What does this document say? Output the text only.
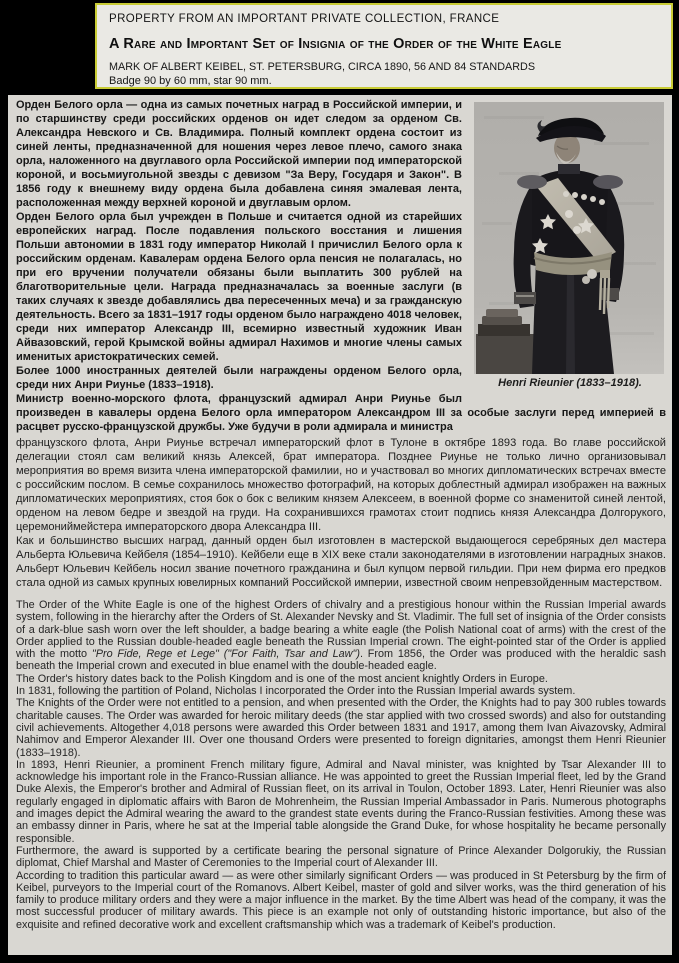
PROPERTY FROM AN IMPORTANT PRIVATE COLLECTION, FRANCE
A Rare and Important Set of Insignia of the Order of the White Eagle
MARK OF ALBERT KEIBEL, ST. PETERSBURG, CIRCA 1890, 56 AND 84 STANDARDS
Badge 90 by 60 mm, star 90 mm.
Henri Rieunier (1833–1918).

Орден Белого орла — одна из самых почетных наград в Российской империи, и по старшинству среди российских орденов он идет следом за орденом Св. Александра Невского и Св. Владимира. Полный комплект ордена состоит из синей ленты, предназначенной для ношения через левое плечо, самого знака орла, наложенного на двуглавого орла Российской империи под императорской короной, и восьмиугольной звезды с девизом "За Веру, Государя и Закон". В 1856 году к внешнему виду ордена была добавлена синяя эмалевая лента, расположенная между верхней короной и двуглавым орлом.

Орден Белого орла был учрежден в Польше и считается одной из старейших европейских наград. После подавления польского восстания и лишения Польши автономии в 1831 году император Николай I причислил Белого орла к российским орденам. Кавалерам ордена Белого орла пенсия не полагалась, но при его вручении получатели обязаны были выплатить 300 рублей на благотворительные цели. Награда предназначалась за военные заслуги (в таких случаях к звезде добавлялись два пересеченных меча) и за гражданскую деятельность. Всего за 1831–1917 годы орденом было награждено 4018 человек, среди них император Александр III, всемирно известный художник Иван Айвазовский, герой Крымской войны адмирал Нахимов и многие члены самых именитых аристократических семей.

Более 1000 иностранных деятелей были награждены орденом Белого орла, среди них Анри Риунье (1833–1918).

Министр военно-морского флота, французский адмирал Анри Риунье был произведен в кавалеры ордена Белого орла императором Александром III за особые заслуги перед империей в расцвет русско-французской дружбы. Уже будучи в роли адмирала и министра

французского флота, Анри Риунье встречал императорский флот в Тулоне в октябре 1893 года. Во главе российской делегации стоял сам великий князь Алексей, брат императора. Позднее Риунье не только лично организовывал мероприятия во время визита члена императорской фамилии, но и участвовал во многих дипломатических встречах вместе с российским послом. В семье сохранилось множество фотографий, на которых доблестный адмирал изображен на важных дипломатических мероприятиях, стоя бок о бок с великим князем Алексеем, в военной форме со знаменитой синей лентой, орденом на левом бедре и звездой на груди. На сохранившихся грамотах стоит подпись князя Александра Долгорукого, церемониймейстера императорского двора Александра III.

Как и большинство высших наград, данный орден был изготовлен в мастерской выдающегося серебряных дел мастера Альберта Юльевича Кейбеля (1854–1910). Кейбели еще в XIX веке стали законодателями в изготовлении наградных знаков. Альберт Юльевич Кейбель носил звание почетного гражданина и был купцом первой гильдии. При нем фирма его предков стала одной из самых крупных ювелирных компаний Российской империи, известной своим непревзойденным мастерством.

The Order of the White Eagle is one of the highest Orders of chivalry and a prestigious honour within the Russian Imperial awards system, following in the hierarchy after the Orders of St. Alexander Nevsky and St. Vladimir. The full set of insignia of the Order consists of a dark-blue sash worn over the left shoulder, a badge bearing a white eagle (the Polish National coat of arms) with the crest of the Order applied to the Russian double-headed eagle beneath the Russian Imperial crown. The eight-pointed star of the Order is applied with the motto "Pro Fide, Rege et Lege" ("For Faith, Tsar and Law"). From 1856, the Order was produced with the heraldic sash beneath the Imperial crown and executed in blue enamel with the double-headed eagle.

The Order's history dates back to the Polish Kingdom and is one of the most ancient knightly Orders in Europe.

In 1831, following the partition of Poland, Nicholas I incorporated the Order into the Russian Imperial awards system.

The Knights of the Order were not entitled to a pension, and when presented with the Order, the Knights had to pay 300 rubles towards charitable causes. The Order was awarded for heroic military deeds (the star applied with two crossed swords) and also for outstanding civil achievements. Altogether 4,018 persons were awarded this Order between 1831 and 1917, among them Ivan Aivazovsky, Admiral Nahimov and Emperor Alexander III. Over one thousand Orders were presented to foreign dignitaries, amongst them Henri Rieunier (1833–1918).

In 1893, Henri Rieunier, a prominent French military figure, Admiral and Naval minister, was knighted by Tsar Alexander III to acknowledge his important role in the Franco-Russian alliance. He was appointed to greet the Russian Imperial fleet, led by the Grand Duke Alexis, the Emperor's brother and Admiral of Russian fleet, on its arrival in Toulon, October 1893. Later, Henri Rieunier was also regularly engaged in diplomatic affairs with Baron de Mohrenheim, the Russian Imperial Ambassador in Paris. Numerous photographs and images depict the Admiral wearing the award to the grandest state events during the Franco-Russian festivities. Among these was an embassy dinner in Paris, where he sat at the Imperial table alongside the Grand Duke, for whose hospitality he became personally responsible.

Furthermore, the award is supported by a certificate bearing the personal signature of Prince Alexander Dolgorukiy, the Russian diplomat, Chief Marshal and Master of Ceremonies to the Imperial court of Alexander III.

According to tradition this particular award — as were other similarly significant Orders — was produced in St Petersburg by the firm of Keibel, purveyors to the Imperial court of the Romanovs. Albert Keibel, master of gold and silver works, was the third generation of his family to produce military orders and they were a major influence in the market. By the time Albert was head of the company, it was the most successful producer of military awards. This piece is an example not only of outstanding historic importance, but also of the exquisite and refined decorative work and excellent craftsmanship which was a trademark of Keibel's production.
